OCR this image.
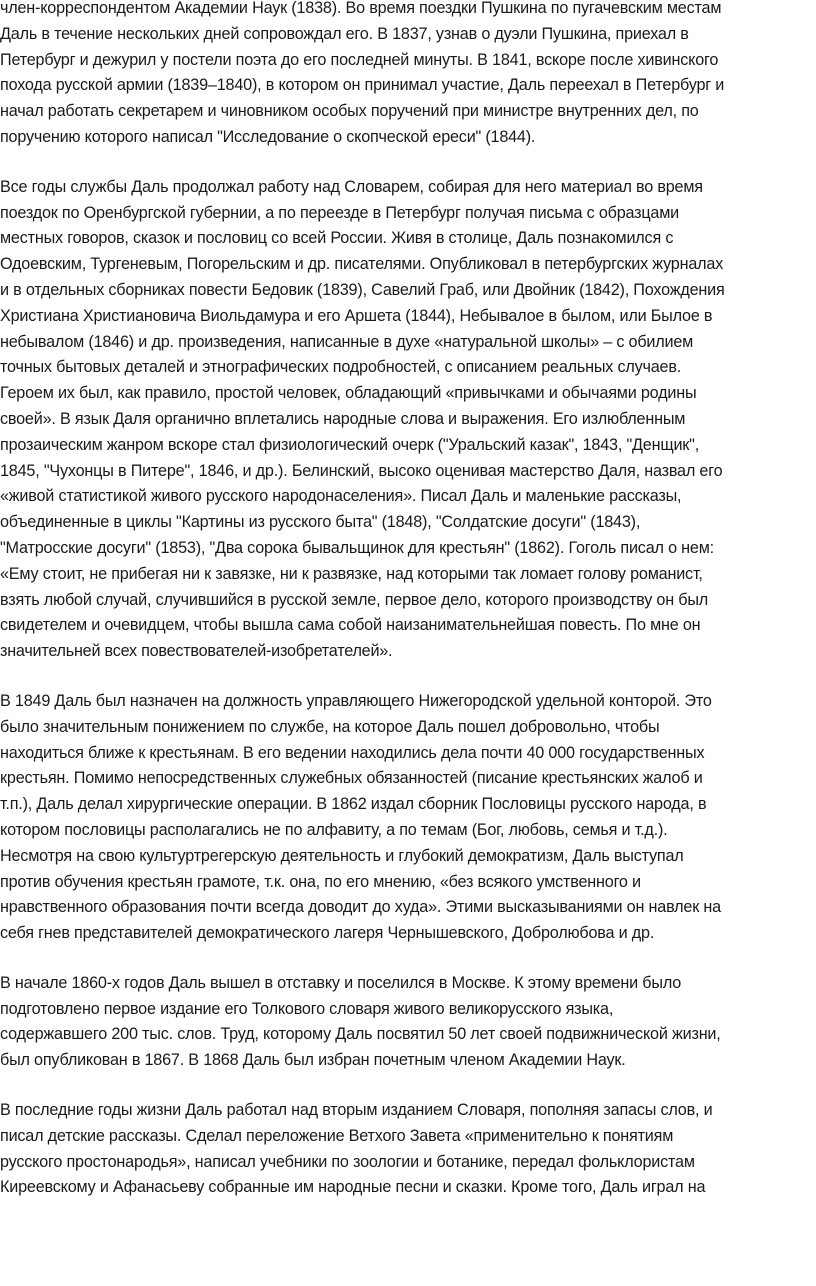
член-корреспондентом Академии Наук (1838). Во время поездки Пушкина по пугачевским местам
Даль в течение нескольких дней сопровождал его. В 1837, узнав о дуэли Пушкина, приехал в
Петербург и дежурил у постели поэта до его последней минуты. В 1841, вскоре после хивинского
похода русской армии (1839–1840), в котором он принимал участие, Даль переехал в Петербург и
начал работать секретарем и чиновником особых поручений при министре внутренних дел, по
поручению которого написал "Исследование о скопческой ереси" (1844).

Все годы службы Даль продолжал работу над Словарем, собирая для него материал во время
поездок по Оренбургской губернии, а по переезде в Петербург получая письма с образцами
местных говоров, сказок и пословиц со всей России. Живя в столице, Даль познакомился с
Одоевским, Тургеневым, Погорельским и др. писателями. Опубликовал в петербургских журналах
и в отдельных сборниках повести Бедовик (1839), Савелий Граб, или Двойник (1842), Похождения
Христиана Христиановича Виольдамура и его Аршета (1844), Небывалое в былом, или Былое в
небывалом (1846) и др. произведения, написанные в духе «натуральной школы» – с обилием
точных бытовых деталей и этнографических подробностей, с описанием реальных случаев.
Героем их был, как правило, простой человек, обладающий «привычками и обычаями родины
своей». В язык Даля органично вплетались народные слова и выражения. Его излюбленным
прозаическим жанром вскоре стал физиологический очерк ("Уральский казак", 1843, "Денщик",
1845, "Чухонцы в Питере", 1846, и др.). Белинский, высоко оценивая мастерство Даля, назвал его
«живой статистикой живого русского народонаселения». Писал Даль и маленькие рассказы,
объединенные в циклы "Картины из русского быта" (1848), "Солдатские досуги" (1843),
"Матросские досуги" (1853), "Два сорока бывальщинок для крестьян" (1862). Гоголь писал о нем:
«Ему стоит, не прибегая ни к завязке, ни к развязке, над которыми так ломает голову романист,
взять любой случай, случившийся в русской земле, первое дело, которого производству он был
свидетелем и очевидцем, чтобы вышла сама собой наизанимательнейшая повесть. По мне он
значительней всех повествователей-изобретателей».

В 1849 Даль был назначен на должность управляющего Нижегородской удельной конторой. Это
было значительным понижением по службе, на которое Даль пошел добровольно, чтобы
находиться ближе к крестьянам. В его ведении находились дела почти 40 000 государственных
крестьян. Помимо непосредственных служебных обязанностей (писание крестьянских жалоб и
т.п.), Даль делал хирургические операции. В 1862 издал сборник Пословицы русского народа, в
котором пословицы располагались не по алфавиту, а по темам (Бог, любовь, семья и т.д.).
Несмотря на свою культуртрегерскую деятельность и глубокий демократизм, Даль выступал
против обучения крестьян грамоте, т.к. она, по его мнению, «без всякого умственного и
нравственного образования почти всегда доводит до худа». Этими высказываниями он навлек на
себя гнев представителей демократического лагеря Чернышевского, Добролюбова и др.

В начале 1860-х годов Даль вышел в отставку и поселился в Москве. К этому времени было
подготовлено первое издание его Толкового словаря живого великорусского языка,
содержавшего 200 тыс. слов. Труд, которому Даль посвятил 50 лет своей подвижнической жизни,
был опубликован в 1867. В 1868 Даль был избран почетным членом Академии Наук.

В последние годы жизни Даль работал над вторым изданием Словаря, пополняя запасы слов, и
писал детские рассказы. Сделал переложение Ветхого Завета «применительно к понятиям
русского простонародья», написал учебники по зоологии и ботанике, передал фольклористам
Киреевскому и Афанасьеву собранные им народные песни и сказки. Кроме того, Даль играл на
